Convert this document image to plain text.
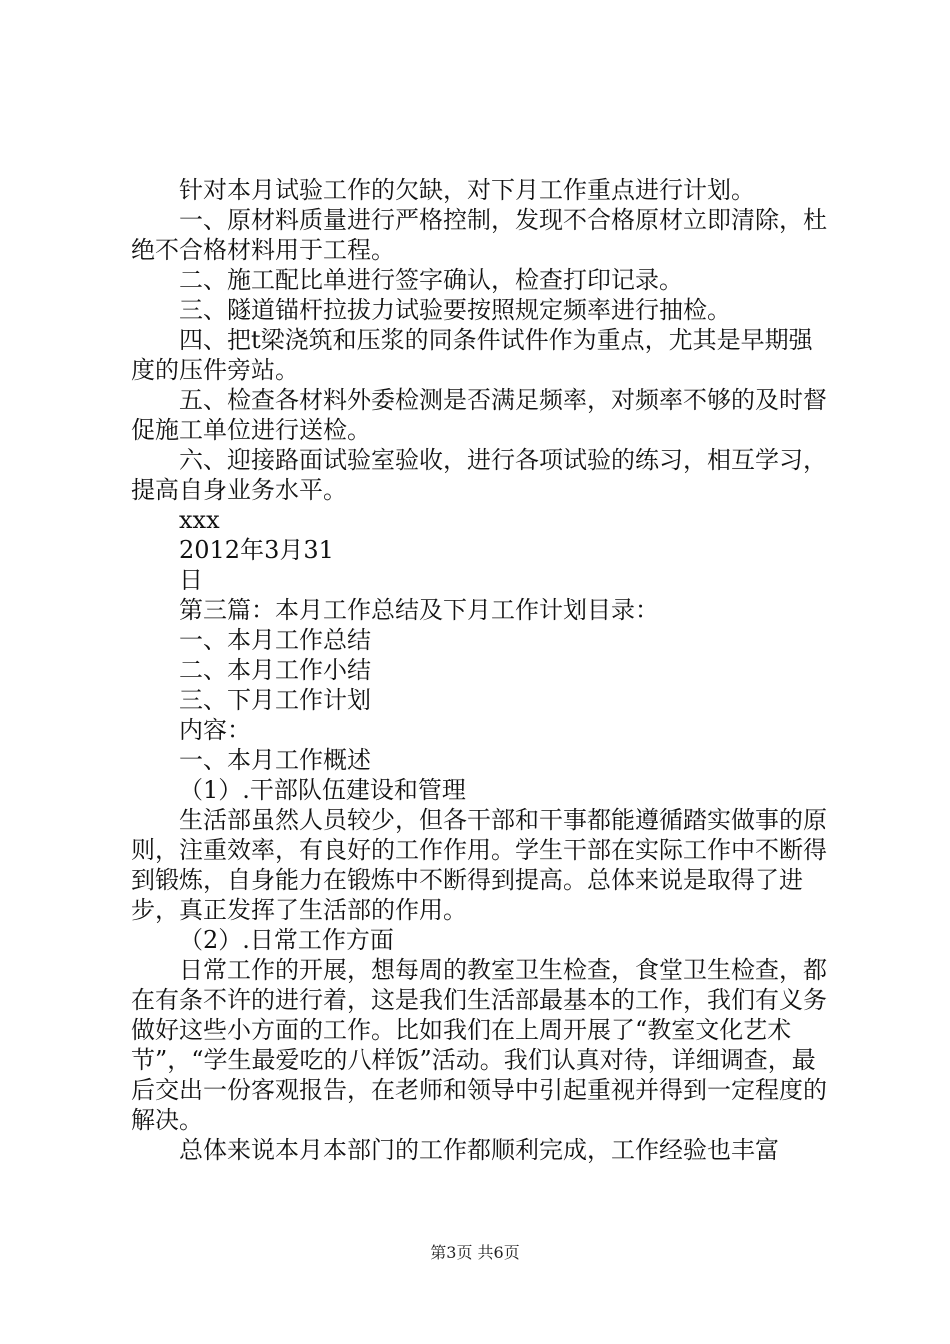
针对本月试验工作的欠缺，对下月工作重点进行计划。

一、原材料质量进行严格控制，发现不合格原材立即清除，杜绝不合格材料用于工程。

二、施工配比单进行签字确认，检查打印记录。

三、隧道锚杆拉拔力试验要按照规定频率进行抽检。

四、把t梁浇筑和压浆的同条件试件作为重点，尤其是早期强度的压件旁站。

五、检查各材料外委检测是否满足频率，对频率不够的及时督促施工单位进行送检。

六、迎接路面试验室验收，进行各项试验的练习，相互学习，提高自身业务水平。

xxx

2012年3月31

日

第三篇：本月工作总结及下月工作计划目录：

一、本月工作总结

二、本月工作小结

三、下月工作计划

内容：

一、本月工作概述

（1）.干部队伍建设和管理

生活部虽然人员较少，但各干部和干事都能遵循踏实做事的原则，注重效率，有良好的工作作用。学生干部在实际工作中不断得到锻炼，自身能力在锻炼中不断得到提高。总体来说是取得了进步，真正发挥了生活部的作用。

（2）.日常工作方面

日常工作的开展，想每周的教室卫生检查，食堂卫生检查，都在有条不许的进行着，这是我们生活部最基本的工作，我们有义务做好这些小方面的工作。比如我们在上周开展了“教室文化艺术节”，“学生最爱吃的八样饭”活动。我们认真对待，详细调查，最后交出一份客观报告，在老师和领导中引起重视并得到一定程度的解决。

总体来说本月本部门的工作都顺利完成，工作经验也丰富

第3页 共6页
